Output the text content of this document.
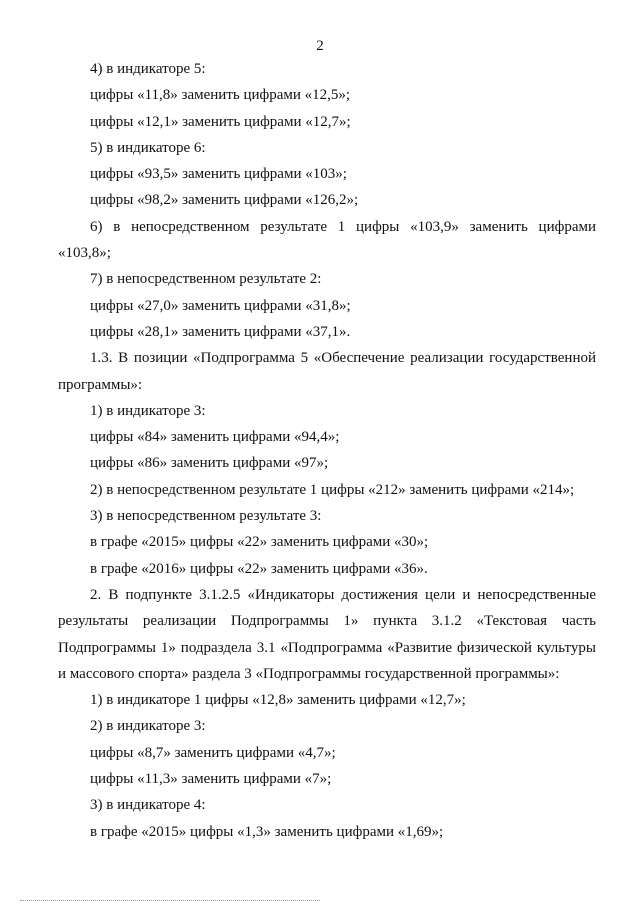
2

4) в индикаторе 5:

цифры «11,8» заменить цифрами «12,5»;

цифры «12,1» заменить цифрами «12,7»;

5) в индикаторе 6:

цифры «93,5» заменить цифрами «103»;

цифры «98,2» заменить цифрами «126,2»;

6) в непосредственном результате 1 цифры «103,9» заменить цифрами «103,8»;

7) в непосредственном результате 2:

цифры «27,0» заменить цифрами «31,8»;

цифры «28,1» заменить цифрами «37,1».

1.3. В позиции «Подпрограмма 5 «Обеспечение реализации государственной программы»:

1) в индикаторе 3:

цифры «84» заменить цифрами «94,4»;

цифры «86» заменить цифрами «97»;

2) в непосредственном результате 1 цифры «212» заменить цифрами «214»;

3) в непосредственном результате 3:

в графе «2015» цифры «22» заменить цифрами «30»;

в графе «2016» цифры «22» заменить цифрами «36».

2. В подпункте 3.1.2.5 «Индикаторы достижения цели и непосредственные результаты реализации Подпрограммы 1» пункта 3.1.2 «Текстовая часть Подпрограммы 1» подраздела 3.1 «Подпрограмма «Развитие физической культуры и массового спорта» раздела 3 «Подпрограммы государственной программы»:

1) в индикаторе 1 цифры «12,8» заменить цифрами «12,7»;

2) в индикаторе 3:

цифры «8,7» заменить цифрами «4,7»;

цифры «11,3» заменить цифрами «7»;

3) в индикаторе 4:

в графе «2015» цифры «1,3» заменить цифрами «1,69»;
